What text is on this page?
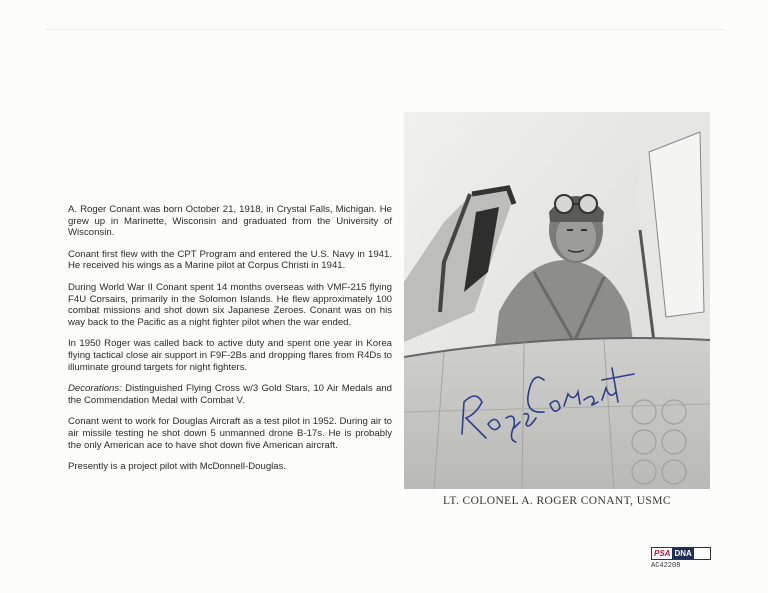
A. Roger Conant was born October 21, 1918, in Crystal Falls, Michigan. He grew up in Marinette, Wisconsin and graduated from the University of Wisconsin.

Conant first flew with the CPT Program and entered the U.S. Navy in 1941. He received his wings as a Marine pilot at Corpus Christi in 1941.

During World War II Conant spent 14 months overseas with VMF-215 flying F4U Corsairs, primarily in the Solomon Islands. He flew approximately 100 combat missions and shot down six Japanese Zeroes. Conant was on his way back to the Pacific as a night fighter pilot when the war ended.

In 1950 Roger was called back to active duty and spent one year in Korea flying tactical close air support in F9F-2Bs and dropping flares from R4Ds to illuminate ground targets for night fighters.

Decorations: Distinguished Flying Cross w/3 Gold Stars, 10 Air Medals and the Commendation Medal with Combat V.

Conant went to work for Douglas Aircraft as a test pilot in 1952. During air to air missile testing he shot down 5 unmanned drone B-17s. He is probably the only American ace to have shot down five American aircraft.

Presently is a project pilot with McDonnell-Douglas.

LT. COLONEL A. ROGER CONANT, USMC
PSA DNA
AC42208
